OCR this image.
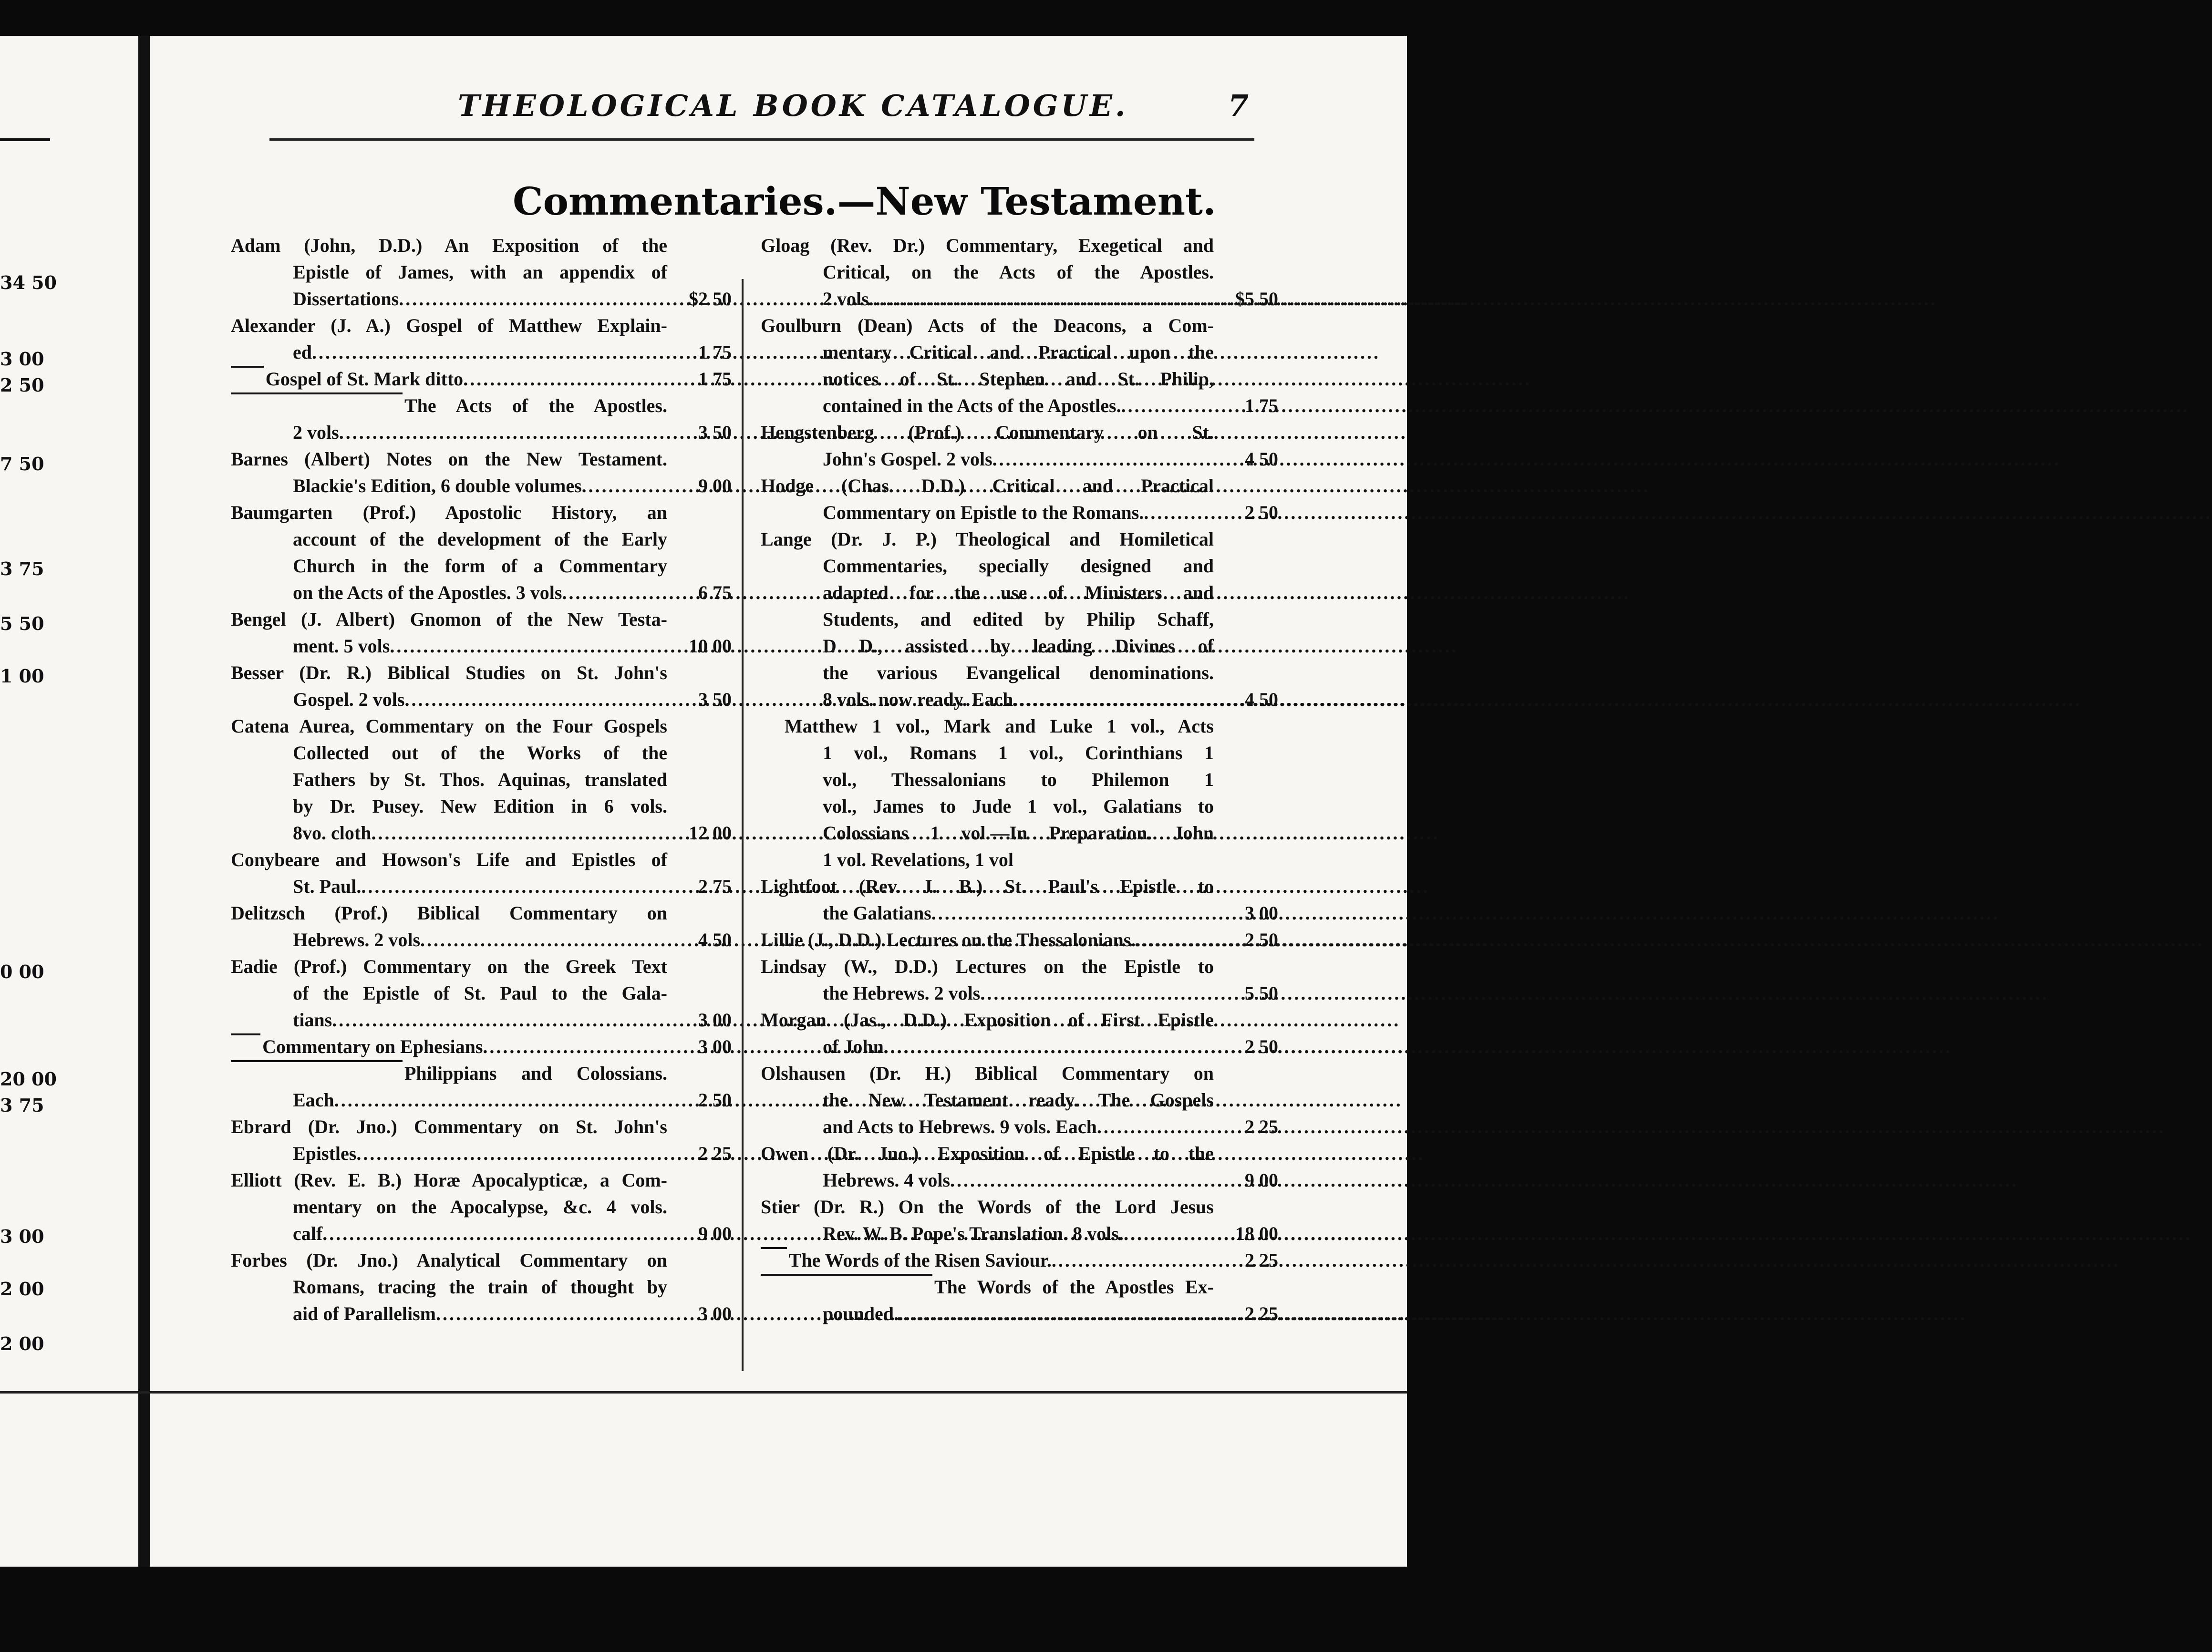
34 50
3 00
2 50
7 50
3 75
5 50
1 00
0 00
20 00
3 75
3 00
2 00
2 00
THEOLOGICAL BOOK CATALOGUE.	7
Commentaries.—New Testament.
Adam (John, D.D.) An Exposition of the
Epistle of James, with an appendix of
Dissertations .....	$2 50
Alexander (J. A.) Gospel of Matthew Explain-
ed .....	1 75
Gospel of St. Mark ditto .....	1 75
The Acts of the Apostles.
2 vols .....	3 50
Barnes (Albert) Notes on the New Testament.
Blackie's Edition, 6 double volumes .....	9 00
Baumgarten (Prof.) Apostolic History, an
account of the development of the Early
Church in the form of a Commentary
on the Acts of the Apostles. 3 vols .....	6 75
Bengel (J. Albert) Gnomon of the New Testa-
ment. 5 vols .....	10 00
Besser (Dr. R.) Biblical Studies on St. John's
Gospel. 2 vols .....	3 50
Catena Aurea, Commentary on the Four Gospels
Collected out of the Works of the
Fathers by St. Thos. Aquinas, translated
by Dr. Pusey. New Edition in 6 vols.
8vo. cloth .....	12 00
Conybeare and Howson's Life and Epistles of
St. Paul. .....	2 75
Delitzsch (Prof.) Biblical Commentary on
Hebrews. 2 vols .....	4 50
Eadie (Prof.) Commentary on the Greek Text
of the Epistle of St. Paul to the Gala-
tians .....	3 00
Commentary on Ephesians .....	3 00
Philippians and Colossians.
Each .....	2 50
Ebrard (Dr. Jno.) Commentary on St. John's
Epistles .....	2 25
Elliott (Rev. E. B.) Horæ Apocalypticæ, a Com-
mentary on the Apocalypse, &c. 4 vols.
calf .....	9 00
Forbes (Dr. Jno.) Analytical Commentary on
Romans, tracing the train of thought by
aid of Parallelism .....	3 00
Gloag (Rev. Dr.) Commentary, Exegetical and
Critical, on the Acts of the Apostles.
2 vols .....	$5 50
Goulburn (Dean) Acts of the Deacons, a Com-
mentary Critical and Practical upon the
notices of St. Stephen and St. Philip,
contained in the Acts of the Apostles. .....	1 75
Hengstenberg (Prof.) Commentary on St.
John's Gospel. 2 vols .....	4 50
Hodge (Chas. D.D.) Critical and Practical
Commentary on Epistle to the Romans. .....	2 50
Lange (Dr. J. P.) Theological and Homiletical
Commentaries, specially designed and
adapted for the use of Ministers and
Students, and edited by Philip Schaff,
D D., assisted by leading Divines of
the various Evangelical denominations.
8 vols. now ready. Each .....	4 50
Matthew 1 vol., Mark and Luke 1 vol., Acts
1 vol., Romans 1 vol., Corinthians 1
vol., Thessalonians to Philemon 1
vol., James to Jude 1 vol., Galatians to
Colossians 1 vol.—In Preparation. John
1 vol. Revelations, 1 vol
Lightfoot (Rev. J. B.) St. Paul's Epistle to
the Galatians .....	3 00
Lillie (J., D.D.) Lectures on the Thessalonians. .....	2 50
Lindsay (W., D.D.) Lectures on the Epistle to
the Hebrews. 2 vols .....	5 50
Morgan (Jas., D.D.) Exposition of First Epistle
of John .....	2 50
Olshausen (Dr. H.) Biblical Commentary on
the New Testament ready. The Gospels
and Acts to Hebrews. 9 vols. Each .....	2 25
Owen (Dr. Jno.) Exposition of Epistle to the
Hebrews. 4 vols .....	9 00
Stier (Dr. R.) On the Words of the Lord Jesus
Rev. W. B. Pope's Translation. 8 vols. .....	18 00
The Words of the Risen Saviour. .....	2 25
The Words of the Apostles Ex-
pounded. .....	2 25
